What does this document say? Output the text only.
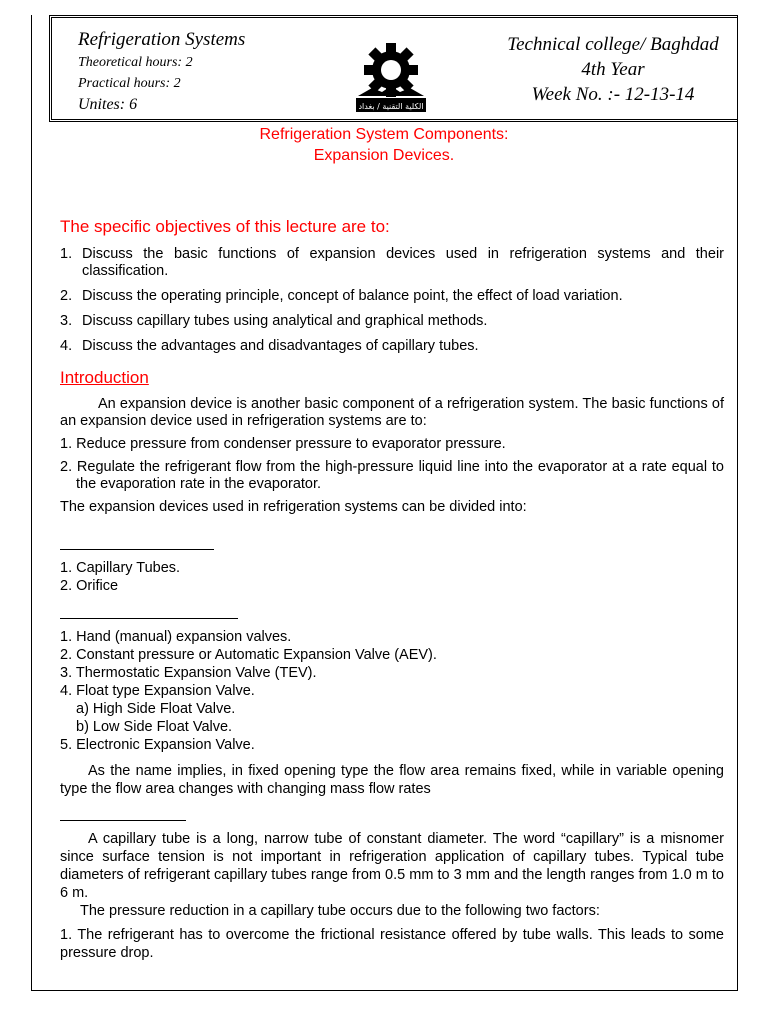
Refrigeration Systems
Theoretical hours: 2
Practical hours: 2
Unites: 6	الكلية التقنية / بغداد
Technical college/ Baghdad
4th Year
Week No. :- 12-13-14
Refrigeration System Components:
Expansion Devices.
The specific objectives of this lecture are to:
1. Discuss the basic functions of expansion devices used in refrigeration systems and their classification.
2. Discuss the operating principle, concept of balance point, the effect of load variation.
3. Discuss capillary tubes using analytical and graphical methods.
4. Discuss the advantages and disadvantages of capillary tubes.
Introduction

An expansion device is another basic component of a refrigeration system. The basic functions of an expansion device used in refrigeration systems are to:

1. Reduce pressure from condenser pressure to evaporator pressure.

2. Regulate the refrigerant flow from the high-pressure liquid line into the evaporator at a rate equal to the evaporation rate in the evaporator.

The expansion devices used in refrigeration systems can be divided into:

1. Capillary Tubes.
2. Orifice
1. Hand (manual) expansion valves.
2. Constant pressure or Automatic Expansion Valve (AEV).
3. Thermostatic Expansion Valve (TEV).
4. Float type Expansion Valve.
a) High Side Float Valve.
b) Low Side Float Valve.
5. Electronic Expansion Valve.

As the name implies, in fixed opening type the flow area remains fixed, while in variable opening type the flow area changes with changing mass flow rates

A capillary tube is a long, narrow tube of constant diameter. The word “capillary” is a misnomer since surface tension is not important in refrigeration application of capillary tubes. Typical tube diameters of refrigerant capillary tubes range from 0.5 mm to 3 mm and the length ranges from 1.0 m to 6 m.

The pressure reduction in a capillary tube occurs due to the following two factors:

1. The refrigerant has to overcome the frictional resistance offered by tube walls. This leads to some pressure drop.
